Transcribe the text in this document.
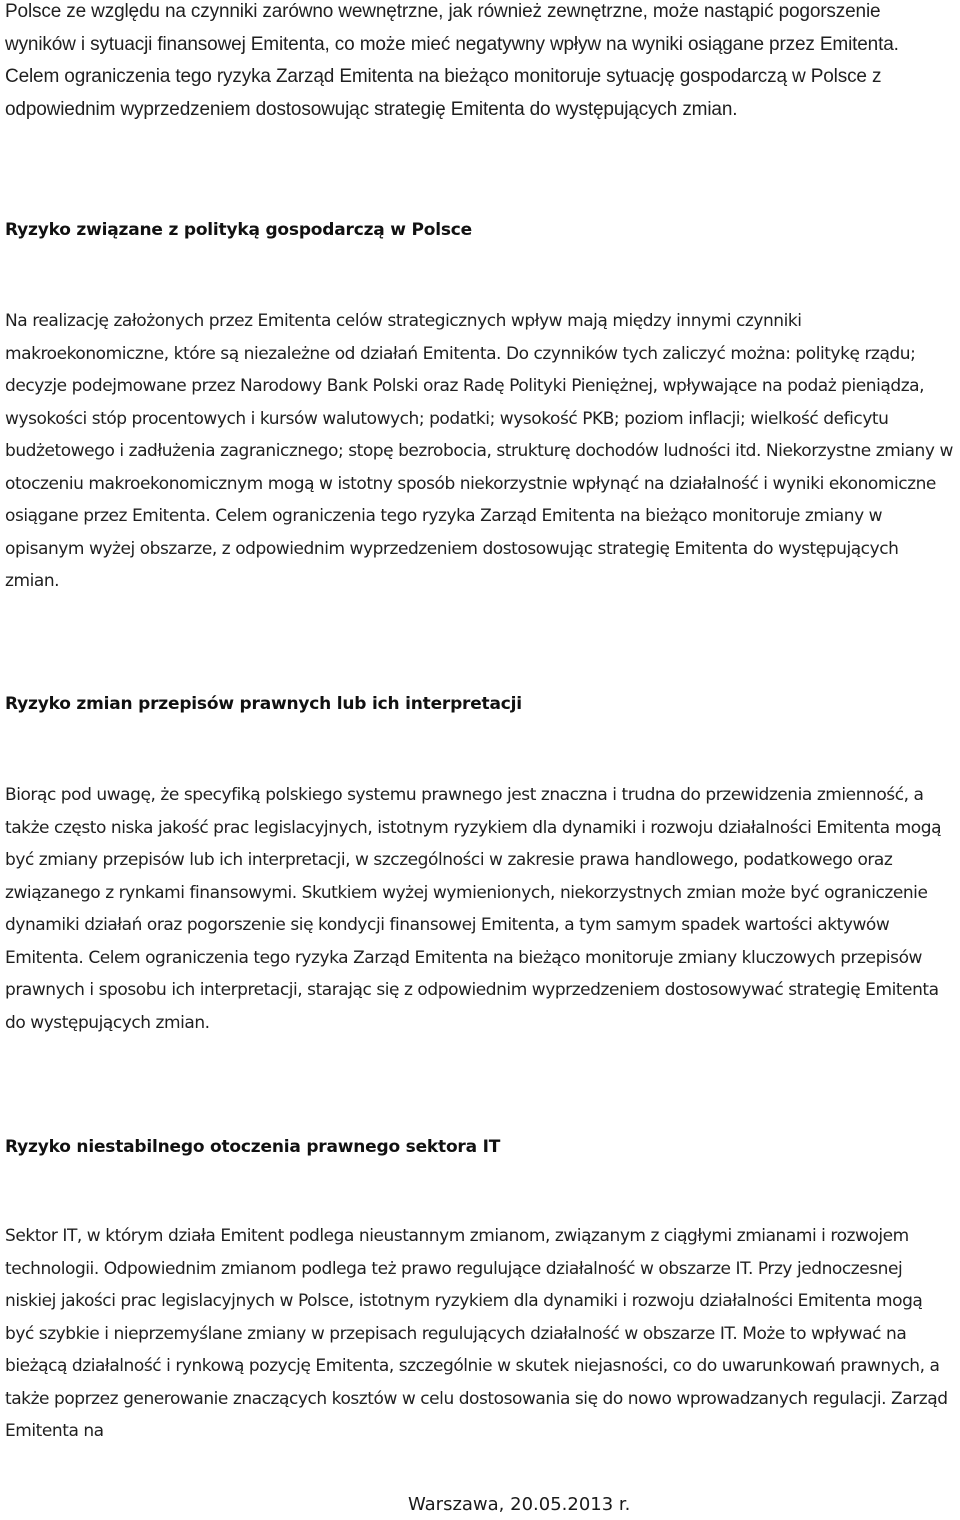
Polsce ze względu na czynniki zarówno wewnętrzne, jak również zewnętrzne, może nastąpić pogorszenie wyników i sytuacji finansowej Emitenta, co może mieć negatywny wpływ na wyniki osiągane przez Emitenta. Celem ograniczenia tego ryzyka Zarząd Emitenta na bieżąco monitoruje sytuację gospodarczą w Polsce z odpowiednim wyprzedzeniem dostosowując strategię Emitenta do występujących zmian.

Ryzyko związane z polityką gospodarczą w Polsce

Na realizację założonych przez Emitenta celów strategicznych wpływ mają między innymi czynniki makroekonomiczne, które są niezależne od działań Emitenta. Do czynników tych zaliczyć można: politykę rządu; decyzje podejmowane przez Narodowy Bank Polski oraz Radę Polityki Pieniężnej, wpływające na podaż pieniądza, wysokości stóp procentowych i kursów walutowych; podatki; wysokość PKB; poziom inflacji; wielkość deficytu budżetowego i zadłużenia zagranicznego; stopę bezrobocia, strukturę dochodów ludności itd. Niekorzystne zmiany w otoczeniu makroekonomicznym mogą w istotny sposób niekorzystnie wpłynąć na działalność i wyniki ekonomiczne osiągane przez Emitenta. Celem ograniczenia tego ryzyka Zarząd Emitenta na bieżąco monitoruje zmiany w opisanym wyżej obszarze, z odpowiednim wyprzedzeniem dostosowując strategię Emitenta do występujących zmian.

Ryzyko zmian przepisów prawnych lub ich interpretacji

Biorąc pod uwagę, że specyfiką polskiego systemu prawnego jest znaczna i trudna do przewidzenia zmienność, a także często niska jakość prac legislacyjnych, istotnym ryzykiem dla dynamiki i rozwoju działalności Emitenta mogą być zmiany przepisów lub ich interpretacji, w szczególności w zakresie prawa handlowego, podatkowego oraz związanego z rynkami finansowymi. Skutkiem wyżej wymienionych, niekorzystnych zmian może być ograniczenie dynamiki działań oraz pogorszenie się kondycji finansowej Emitenta, a tym samym spadek wartości aktywów Emitenta. Celem ograniczenia tego ryzyka Zarząd Emitenta na bieżąco monitoruje zmiany kluczowych przepisów prawnych i sposobu ich interpretacji, starając się z odpowiednim wyprzedzeniem dostosowywać strategię Emitenta do występujących zmian.

Ryzyko niestabilnego otoczenia prawnego sektora IT

Sektor IT, w którym działa Emitent podlega nieustannym zmianom, związanym z ciągłymi zmianami i rozwojem technologii. Odpowiednim zmianom podlega też prawo regulujące działalność w obszarze IT. Przy jednoczesnej niskiej jakości prac legislacyjnych w Polsce, istotnym ryzykiem dla dynamiki i rozwoju działalności Emitenta mogą być szybkie i nieprzemyślane zmiany w przepisach regulujących działalność w obszarze IT. Może to wpływać na bieżącą działalność i rynkową pozycję Emitenta, szczególnie w skutek niejasności, co do uwarunkowań prawnych, a także poprzez generowanie znaczących kosztów w celu dostosowania się do nowo wprowadzanych regulacji. Zarząd Emitenta na

Warszawa, 20.05.2013 r.
